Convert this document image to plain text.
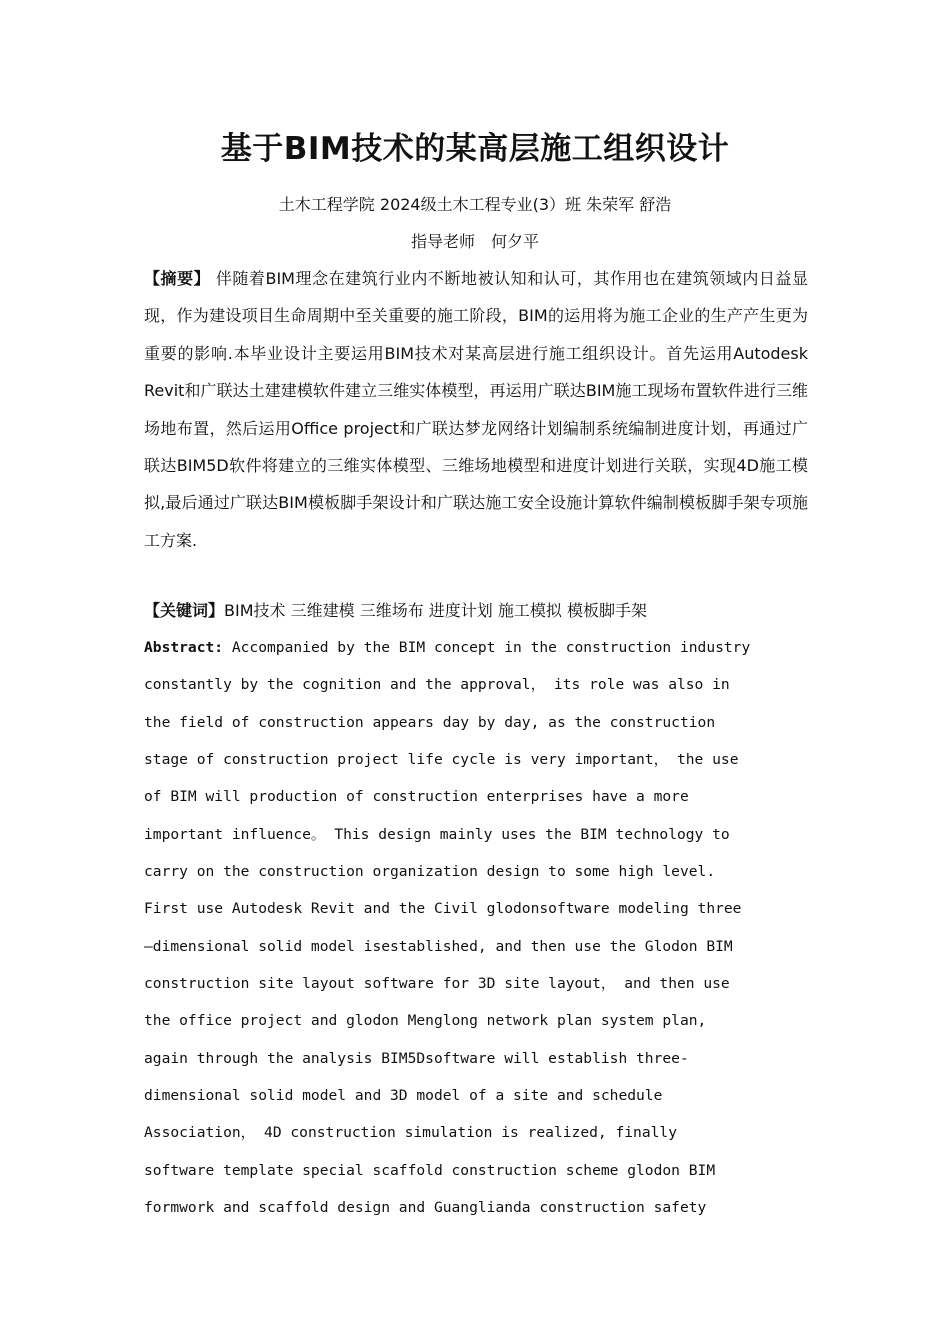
基于BIM技术的某高层施工组织设计
土木工程学院 2024级土木工程专业(3）班 朱荣军 舒浩
指导老师　何夕平
【摘要】 伴随着BIM理念在建筑行业内不断地被认知和认可，其作用也在建筑领域内日益显现，作为建设项目生命周期中至关重要的施工阶段，BIM的运用将为施工企业的生产产生更为重要的影响.本毕业设计主要运用BIM技术对某高层进行施工组织设计。首先运用Autodesk Revit和广联达土建建模软件建立三维实体模型，再运用广联达BIM施工现场布置软件进行三维场地布置，然后运用Office project和广联达梦龙网络计划编制系统编制进度计划，再通过广联达BIM5D软件将建立的三维实体模型、三维场地模型和进度计划进行关联，实现4D施工模拟,最后通过广联达BIM模板脚手架设计和广联达施工安全设施计算软件编制模板脚手架专项施工方案.
【关键词】BIM技术 三维建模 三维场布 进度计划 施工模拟 模板脚手架
Abstract: Accompanied by the BIM concept in the construction industry
constantly by the cognition and the approval， its role was also in
the field of construction appears day by day, as the construction
stage of construction project life cycle is very important， the use
of BIM will production of construction enterprises have a more
important influence。 This design mainly uses the BIM technology to
carry on the construction organization design to some high level.
First use Autodesk Revit and the Civil glodonsoftware modeling three
—dimensional solid model isestablished, and then use the Glodon BIM
construction site layout software for 3D site layout， and then use
the office project and glodon Menglong network plan system plan,
again through the analysis BIM5Dsoftware will establish three-
dimensional solid model and 3D model of a site and schedule
Association， 4D construction simulation is realized, finally
software template special scaffold construction scheme glodon BIM
formwork and scaffold design and Guanglianda construction safety
